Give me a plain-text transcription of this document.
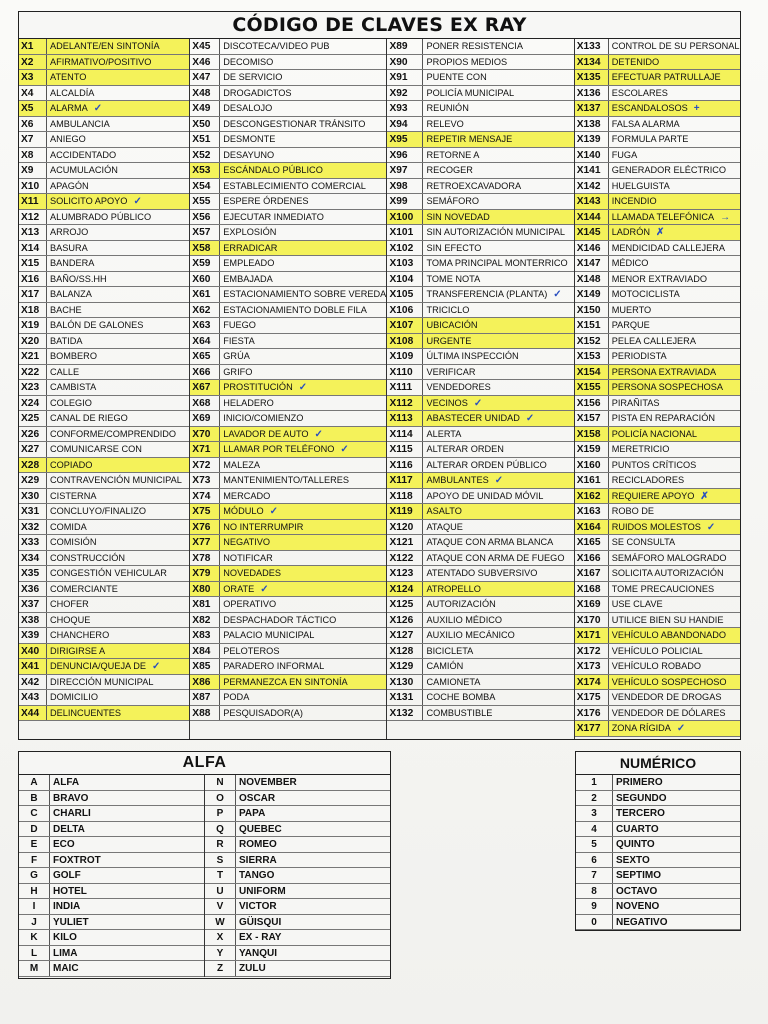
CÓDIGO DE CLAVES EX RAY
X1	ADELANTE/EN SINTONÍA
X2	AFIRMATIVO/POSITIVO
X3	ATENTO
X4	ALCALDÍA
X5	ALARMA ✓
X6	AMBULANCIA
X7	ANIEGO
X8	ACCIDENTADO
X9	ACUMULACIÓN
X10	APAGÓN
X11	SOLICITO APOYO ✓
X12	ALUMBRADO PÚBLICO
X13	ARROJO
X14	BASURA
X15	BANDERA
X16	BAÑO/SS.HH
X17	BALANZA
X18	BACHE
X19	BALÓN DE GALONES
X20	BATIDA
X21	BOMBERO
X22	CALLE
X23	CAMBISTA
X24	COLEGIO
X25	CANAL DE RIEGO
X26	CONFORME/COMPRENDIDO
X27	COMUNICARSE CON
X28	COPIADO
X29	CONTRAVENCIÓN MUNICIPAL
X30	CISTERNA
X31	CONCLUYO/FINALIZO
X32	COMIDA
X33	COMISIÓN
X34	CONSTRUCCIÓN
X35	CONGESTIÓN VEHICULAR
X36	COMERCIANTE
X37	CHOFER
X38	CHOQUE
X39	CHANCHERO
X40	DIRIGIRSE A
X41	DENUNCIA/QUEJA DE ✓
X42	DIRECCIÓN MUNICIPAL
X43	DOMICILIO
X44	DELINCUENTES
X45	DISCOTECA/VIDEO PUB
X46	DECOMISO
X47	DE SERVICIO
X48	DROGADICTOS
X49	DESALOJO
X50	DESCONGESTIONAR TRÁNSITO
X51	DESMONTE
X52	DESAYUNO
X53	ESCÁNDALO PÚBLICO
X54	ESTABLECIMIENTO COMERCIAL
X55	ESPERE ÓRDENES
X56	EJECUTAR INMEDIATO
X57	EXPLOSIÓN
X58	ERRADICAR
X59	EMPLEADO
X60	EMBAJADA
X61	ESTACIONAMIENTO SOBRE VEREDA
X62	ESTACIONAMIENTO DOBLE FILA
X63	FUEGO
X64	FIESTA
X65	GRÚA
X66	GRIFO
X67	PROSTITUCIÓN ✓
X68	HELADERO
X69	INICIO/COMIENZO
X70	LAVADOR DE AUTO ✓
X71	LLAMAR POR TELÉFONO ✓
X72	MALEZA
X73	MANTENIMIENTO/TALLERES
X74	MERCADO
X75	MÓDULO ✓
X76	NO INTERRUMPIR
X77	NEGATIVO
X78	NOTIFICAR
X79	NOVEDADES
X80	ORATE ✓
X81	OPERATIVO
X82	DESPACHADOR TÁCTICO
X83	PALACIO MUNICIPAL
X84	PELOTEROS
X85	PARADERO INFORMAL
X86	PERMANEZCA EN SINTONÍA
X87	PODA
X88	PESQUISADOR(A)
X89	PONER RESISTENCIA
X90	PROPIOS MEDIOS
X91	PUENTE CON
X92	POLICÍA MUNICIPAL
X93	REUNIÓN
X94	RELEVO
X95	REPETIR MENSAJE
X96	RETORNE A
X97	RECOGER
X98	RETROEXCAVADORA
X99	SEMÁFORO
X100	SIN NOVEDAD
X101	SIN AUTORIZACIÓN MUNICIPAL
X102	SIN EFECTO
X103	TOMA PRINCIPAL MONTERRICO
X104	TOME NOTA
X105	TRANSFERENCIA (PLANTA) ✓
X106	TRICICLO
X107	UBICACIÓN
X108	URGENTE
X109	ÚLTIMA INSPECCIÓN
X110	VERIFICAR
X111	VENDEDORES
X112	VECINOS ✓
X113	ABASTECER UNIDAD ✓
X114	ALERTA
X115	ALTERAR ORDEN
X116	ALTERAR ORDEN PÚBLICO
X117	AMBULANTES ✓
X118	APOYO DE UNIDAD MÓVIL
X119	ASALTO
X120	ATAQUE
X121	ATAQUE CON ARMA BLANCA
X122	ATAQUE CON ARMA DE FUEGO
X123	ATENTADO SUBVERSIVO
X124	ATROPELLO
X125	AUTORIZACIÓN
X126	AUXILIO MÉDICO
X127	AUXILIO MECÁNICO
X128	BICICLETA
X129	CAMIÓN
X130	CAMIONETA
X131	COCHE BOMBA
X132	COMBUSTIBLE
X133	CONTROL DE SU PERSONAL
X134	DETENIDO
X135	EFECTUAR PATRULLAJE
X136	ESCOLARES
X137	ESCANDALOSOS +
X138	FALSA ALARMA
X139	FORMULA PARTE
X140	FUGA
X141	GENERADOR ELÉCTRICO
X142	HUELGUISTA
X143	INCENDIO
X144	LLAMADA TELEFÓNICA →
X145	LADRÓN ✗
X146	MENDICIDAD CALLEJERA
X147	MÉDICO
X148	MENOR EXTRAVIADO
X149	MOTOCICLISTA
X150	MUERTO
X151	PARQUE
X152	PELEA CALLEJERA
X153	PERIODISTA
X154	PERSONA EXTRAVIADA
X155	PERSONA SOSPECHOSA
X156	PIRAÑITAS
X157	PISTA EN REPARACIÓN
X158	POLICÍA NACIONAL
X159	MERETRICIO
X160	PUNTOS CRÍTICOS
X161	RECICLADORES
X162	REQUIERE APOYO ✗
X163	ROBO DE
X164	RUIDOS MOLESTOS ✓
X165	SE CONSULTA
X166	SEMÁFORO MALOGRADO
X167	SOLICITA AUTORIZACIÓN
X168	TOME PRECAUCIONES
X169	USE CLAVE
X170	UTILICE BIEN SU HANDIE
X171	VEHÍCULO ABANDONADO
X172	VEHÍCULO POLICIAL
X173	VEHÍCULO ROBADO
X174	VEHÍCULO SOSPECHOSO
X175	VENDEDOR DE DROGAS
X176	VENDEDOR DE DÓLARES
X177	ZONA RÍGIDA ✓
ALFA
A	ALFA
B	BRAVO
C	CHARLI
D	DELTA
E	ECO
F	FOXTROT
G	GOLF
H	HOTEL
I	INDIA
J	YULIET
K	KILO
L	LIMA
M	MAIC
N	NOVEMBER
O	OSCAR
P	PAPA
Q	QUEBEC
R	ROMEO
S	SIERRA
T	TANGO
U	UNIFORM
V	VICTOR
W	GÜISQUI
X	EX - RAY
Y	YANQUI
Z	ZULU
NUMÉRICO
1	PRIMERO
2	SEGUNDO
3	TERCERO
4	CUARTO
5	QUINTO
6	SEXTO
7	SEPTIMO
8	OCTAVO
9	NOVENO
0	NEGATIVO
